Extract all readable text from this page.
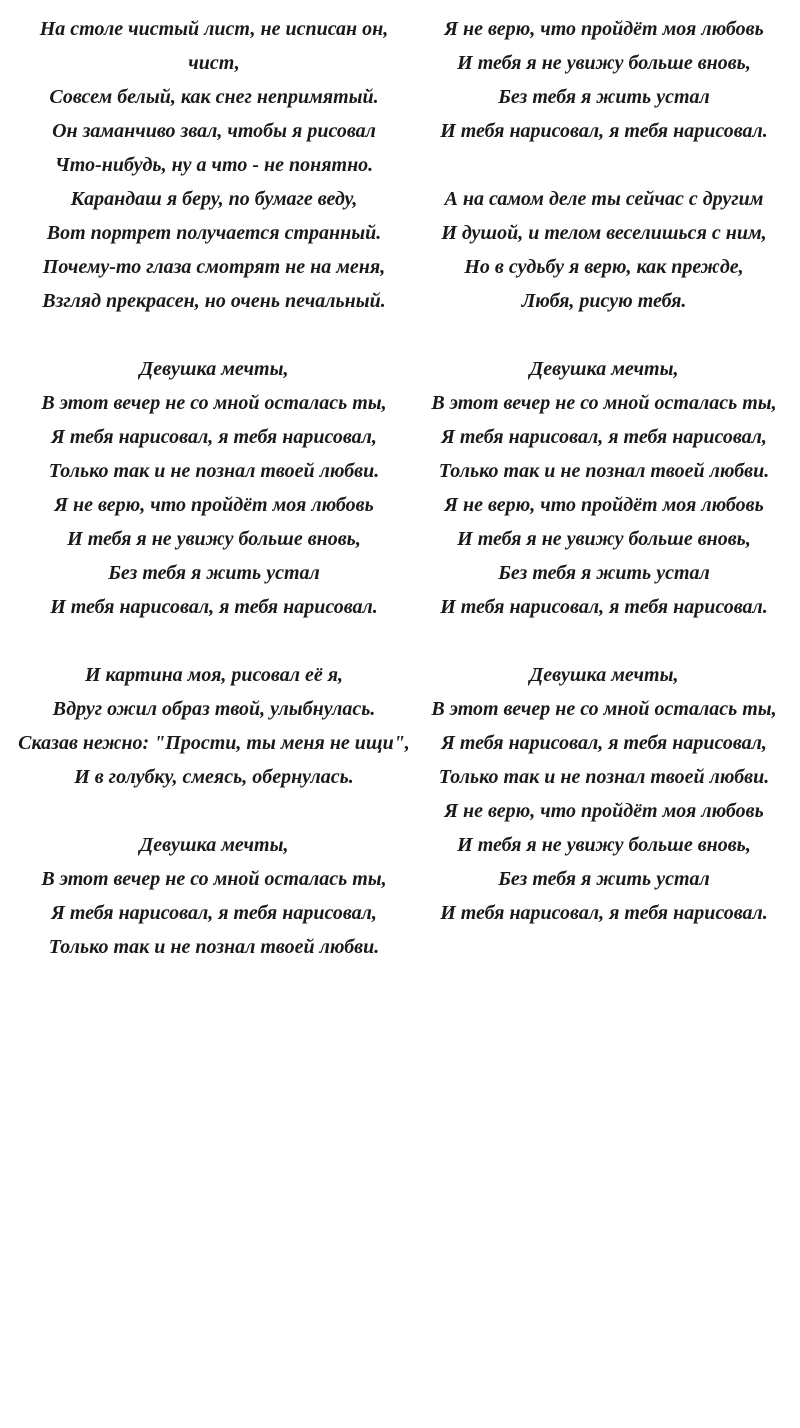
На столе чистый лист, не исписан он, чист,
Совсем белый, как снег непримятый.
Он заманчиво звал, чтобы я рисовал
Что-нибудь, ну а что - не понятно.
Карандаш я беру, по бумаге веду,
Вот портрет получается странный.
Почему-то глаза смотрят не на меня,
Взгляд прекрасен, но очень печальный.
Девушка мечты,
В этот вечер не со мной осталась ты,
Я тебя нарисовал, я тебя нарисовал,
Только так и не познал твоей любви.
Я не верю, что пройдёт моя любовь
И тебя я не увижу больше вновь,
Без тебя я жить устал
И тебя нарисовал, я тебя нарисовал.
И картина моя, рисовал её я,
Вдруг ожил образ твой, улыбнулась.
Сказав нежно: "Прости, ты меня не ищи",
И в голубку, смеясь, обернулась.
Девушка мечты,
В этот вечер не со мной осталась ты,
Я тебя нарисовал, я тебя нарисовал,
Только так и не познал твоей любви.
Я не верю, что пройдёт моя любовь
И тебя я не увижу больше вновь,
Без тебя я жить устал
И тебя нарисовал, я тебя нарисовал.
А на самом деле ты сейчас с другим
И душой, и телом веселишься с ним,
Но в судьбу я верю, как прежде,
Любя, рисую тебя.
Девушка мечты,
В этот вечер не со мной осталась ты,
Я тебя нарисовал, я тебя нарисовал,
Только так и не познал твоей любви.
Я не верю, что пройдёт моя любовь
И тебя я не увижу больше вновь,
Без тебя я жить устал
И тебя нарисовал, я тебя нарисовал.
Девушка мечты,
В этот вечер не со мной осталась ты,
Я тебя нарисовал, я тебя нарисовал,
Только так и не познал твоей любви.
Я не верю, что пройдёт моя любовь
И тебя я не увижу больше вновь,
Без тебя я жить устал
И тебя нарисовал, я тебя нарисовал.
